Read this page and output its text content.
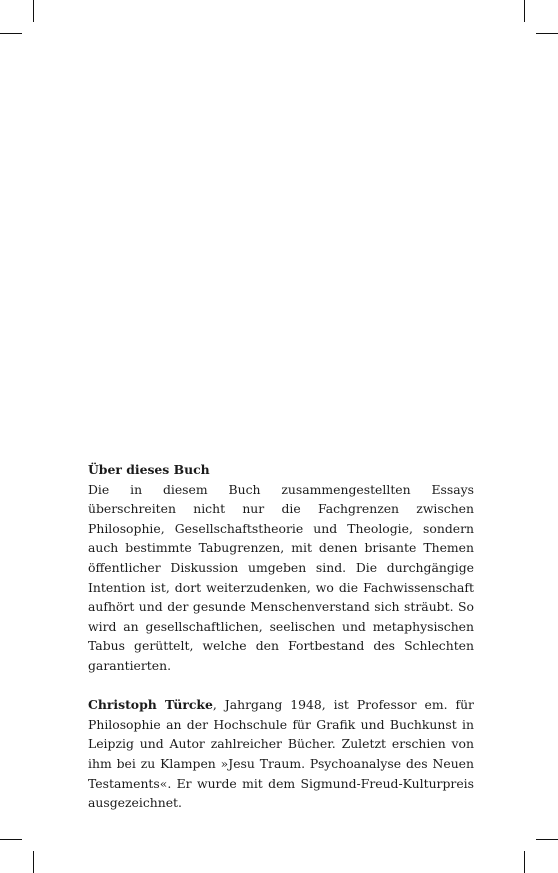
Über dieses Buch

Die in diesem Buch zusammengestellten Essays überschreiten nicht nur die Fachgrenzen zwischen Philosophie, Gesellschaftstheorie und Theologie, sondern auch bestimmte Tabugrenzen, mit denen brisante Themen öffentlicher Diskussion umgeben sind. Die durchgängige Intention ist, dort weiterzudenken, wo die Fachwissenschaft aufhört und der gesunde Menschenverstand sich sträubt. So wird an gesellschaftlichen, seelischen und metaphysischen Tabus gerüttelt, welche den Fortbestand des Schlechten garantierten.

Christoph Türcke, Jahrgang 1948, ist Professor em. für Philosophie an der Hochschule für Grafik und Buchkunst in Leipzig und Autor zahlreicher Bücher. Zuletzt erschien von ihm bei zu Klampen »Jesu Traum. Psychoanalyse des Neuen Testaments«. Er wurde mit dem Sigmund-Freud-Kulturpreis ausgezeichnet.
